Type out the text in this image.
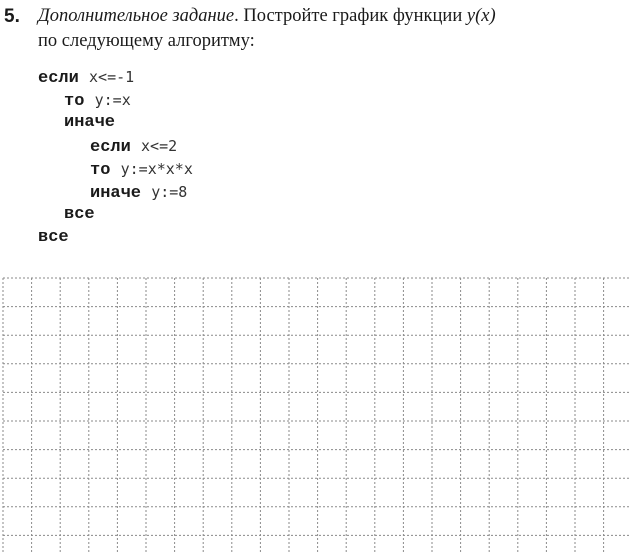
5. Дополнительное задание. Постройте график функции y(x)
по следующему алгоритму:
если x<=-1
то y:=x
иначе
если x<=2
то y:=x*x*x
иначе y:=8
все
все
